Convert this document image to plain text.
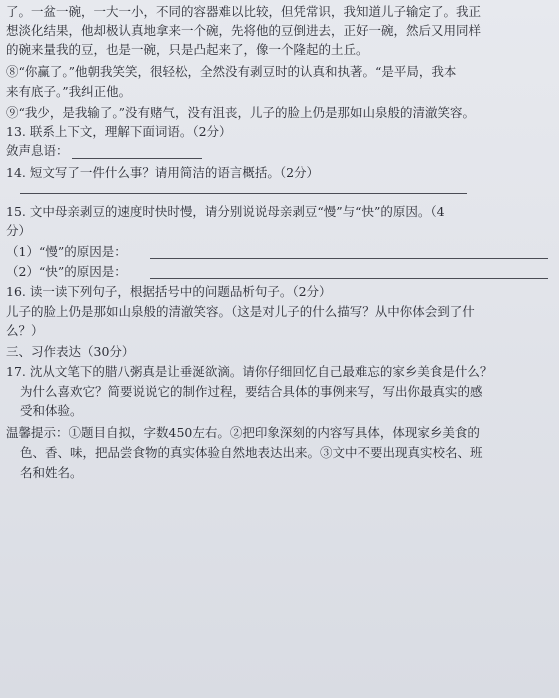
了。一盆一碗，一大一小，不同的容器难以比较，但凭常识，我知道儿子输定了。我正
想淡化结果，他却极认真地拿来一个碗，先将他的豆倒进去，正好一碗，然后又用同样
的碗来量我的豆，也是一碗，只是凸起来了，像一个隆起的土丘。
⑧“你赢了。”他朝我笑笑，很轻松，全然没有剥豆时的认真和执著。“是平局，我本
来有底子。”我纠正他。
⑨“我少，是我输了。”没有赌气，没有沮丧，儿子的脸上仍是那如山泉般的清澈笑容。
13. 联系上下文，理解下面词语。（2分）
敛声息语：
14. 短文写了一件什么事？请用简洁的语言概括。（2分）
15. 文中母亲剥豆的速度时快时慢，请分别说说母亲剥豆“慢”与“快”的原因。（4
分）
（1）“慢”的原因是：
（2）“快”的原因是：
16. 读一读下列句子，根据括号中的问题品析句子。（2分）
儿子的脸上仍是那如山泉般的清澈笑容。（这是对儿子的什么描写？从中你体会到了什
么？）
三、习作表达（30分）
17. 沈从文笔下的腊八粥真是让垂涎欲滴。请你仔细回忆自己最难忘的家乡美食是什么？
为什么喜欢它？简要说说它的制作过程，要结合具体的事例来写，写出你最真实的感
受和体验。
温馨提示：①题目自拟，字数450左右。②把印象深刻的内容写具体，体现家乡美食的
色、香、味，把品尝食物的真实体验自然地表达出来。③文中不要出现真实校名、班
名和姓名。
